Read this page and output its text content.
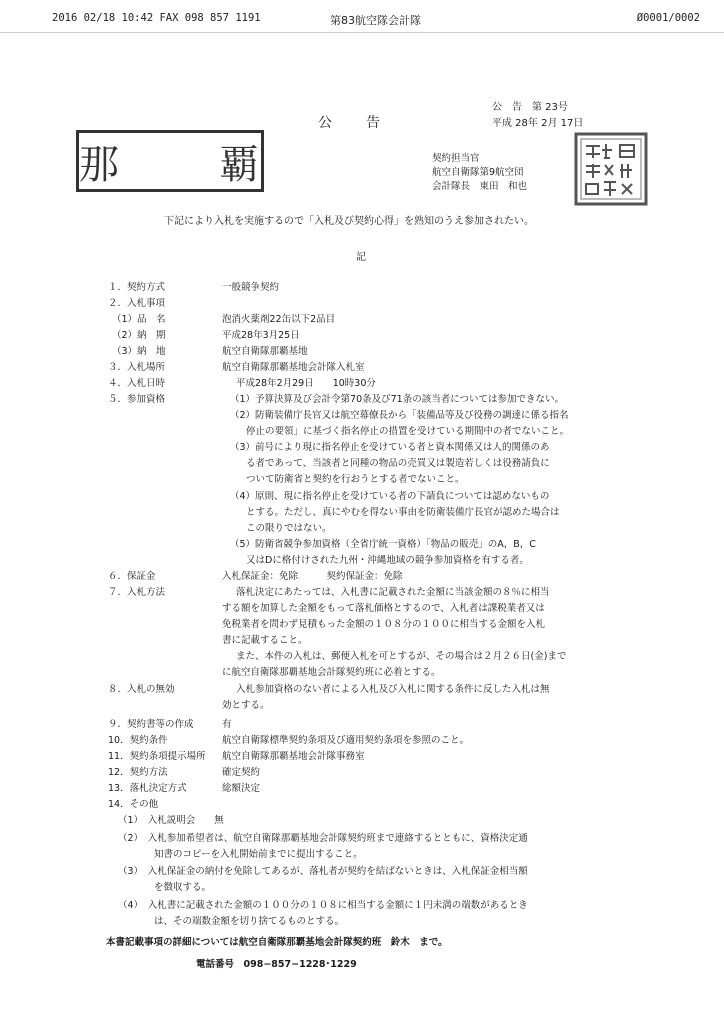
2016 02/18 10:42 FAX 098 857 1191	第83航空隊会計隊	Ø0001/0002
公　告　第 23号
平成 28年 2月 17日
公告
那　覇	契約担当官
航空自衛隊第9航空団
会計隊長　東田　和也
下記により入札を実施するので「入札及び契約心得」を熟知のうえ参加されたい。
記
１．契約方式	一般競争契約
２．入札事項
（1）品　名	泡消火薬剤22缶以下2品目
（2）納　期	平成28年3月25日
（3）納　地	航空自衛隊那覇基地
３．入札場所	航空自衛隊那覇基地会計隊入札室
４．入札日時	平成28年2月29日　　10時30分
５．参加資格	（1）予算決算及び会計令第70条及び71条の該当者については参加できない。
（2）防衛装備庁長官又は航空幕僚長から「装備品等及び役務の調達に係る指名
停止の要領」に基づく指名停止の措置を受けている期間中の者でないこと。
（3）前号により現に指名停止を受けている者と資本関係又は人的関係のあ
る者であって、当該者と同種の物品の売買又は製造若しくは役務請負に
ついて防衛省と契約を行おうとする者でないこと。
（4）原則、現に指名停止を受けている者の下請負については認めないもの
とする。ただし、真にやむを得ない事由を防衛装備庁長官が認めた場合は
この限りではない。
（5）防衛省競争参加資格（全省庁統一資格）「物品の販売」のA，B，C
又はDに格付けされた九州・沖縄地域の競争参加資格を有する者。
６．保証金	入札保証金：免除　　　契約保証金：免除
７．入札方法	落札決定にあたっては、入札書に記載された金額に当該金額の８％に相当
する額を加算した金額をもって落札価格とするので、入札者は課税業者又は
免税業者を問わず見積もった金額の１０８分の１００に相当する金額を入札
書に記載すること。
また、本件の入札は、郵便入札を可とするが、その場合は２月２６日(金)まで
に航空自衛隊那覇基地会計隊契約班に必着とする。
８．入札の無効	入札参加資格のない者による入札及び入札に関する条件に反した入札は無
効とする。
９．契約書等の作成	有
10．契約条件	航空自衛隊標準契約条項及び適用契約条項を参照のこと。
11．契約条項提示場所 航空自衛隊那覇基地会計隊事務室
12．契約方法	確定契約
13．落札決定方式	総額決定
14．その他
（1）　入札説明会　　無
（2）　入札参加希望者は、航空自衛隊那覇基地会計隊契約班まで連絡するとともに、資格決定通
知書のコピーを入札開始前までに提出すること。
（3）　入札保証金の納付を免除してあるが、落札者が契約を結ばないときは、入札保証金相当額
を徴収する。
（4）　入札書に記載された金額の１００分の１０８に相当する金額に１円未満の端数があるとき
は、その端数金額を切り捨てるものとする。
本書記載事項の詳細については航空自衛隊那覇基地会計隊契約班　鈴木　まで。
電話番号　098−857−1228･1229
